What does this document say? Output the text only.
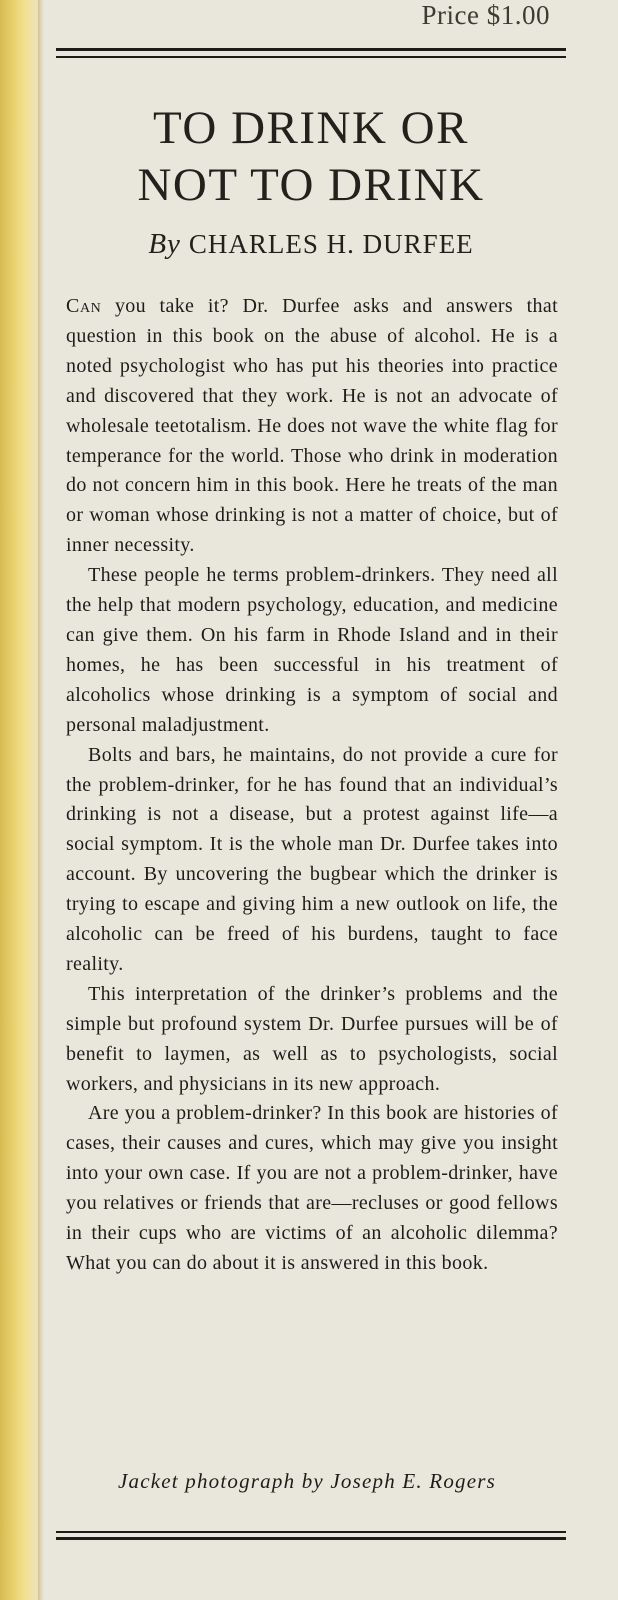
Price $1.00
TO DRINK OR
NOT TO DRINK
By CHARLES H. DURFEE

Can you take it? Dr. Durfee asks and answers that question in this book on the abuse of alcohol. He is a noted psychologist who has put his theories into practice and discovered that they work. He is not an advocate of wholesale teetotalism. He does not wave the white flag for temperance for the world. Those who drink in moderation do not concern him in this book. Here he treats of the man or woman whose drinking is not a matter of choice, but of inner necessity.

These people he terms problem-drinkers. They need all the help that modern psychology, education, and medicine can give them. On his farm in Rhode Island and in their homes, he has been successful in his treatment of alcoholics whose drinking is a symptom of social and personal maladjustment.

Bolts and bars, he maintains, do not provide a cure for the problem-drinker, for he has found that an individual’s drinking is not a disease, but a protest against life—a social symptom. It is the whole man Dr. Durfee takes into account. By uncovering the bugbear which the drinker is trying to escape and giving him a new outlook on life, the alcoholic can be freed of his burdens, taught to face reality.

This interpretation of the drinker’s problems and the simple but profound system Dr. Durfee pursues will be of benefit to laymen, as well as to psychologists, social workers, and physicians in its new approach.

Are you a problem-drinker? In this book are histories of cases, their causes and cures, which may give you insight into your own case. If you are not a problem-drinker, have you relatives or friends that are—recluses or good fellows in their cups who are victims of an alcoholic dilemma? What you can do about it is answered in this book.

Jacket photograph by Joseph E. Rogers
